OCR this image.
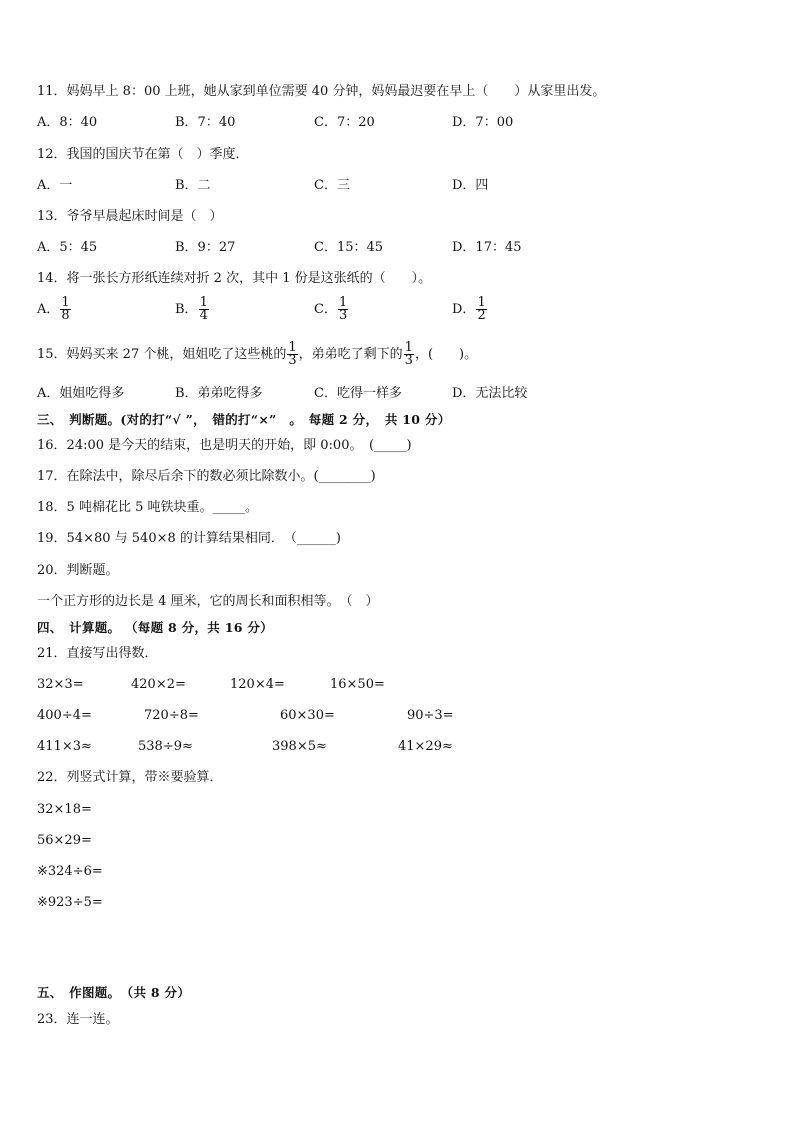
11．妈妈早上 8：00 上班，她从家到单位需要 40 分钟，妈妈最迟要在早上（　　）从家里出发。
A．8：40	B．7：40	C．7：20	D．7：00
12．我国的国庆节在第（　）季度．
A．一	B．二	C．三	D．四
13．爷爷早晨起床时间是（　）
A．5：45	B．9：27	C．15：45	D．17：45
14．将一张长方形纸连续对折 2 次，其中 1 份是这张纸的（　　）。
A． $\frac{1}{8}$	B． $\frac{1}{4}$	C． $\frac{1}{3}$	D． $\frac{1}{2}$
15．妈妈买来 27 个桃，姐姐吃了这些桃的 $\frac{1}{3}$ ，弟弟吃了剩下的 $\frac{1}{3}$ ，(　　)。
A．姐姐吃得多	B．弟弟吃得多	C．吃得一样多	D．无法比较
三、　判断题。(对的打“√ ”，　错的打“×”　。　每题 2 分，　共 10 分）
16．24:00 是今天的结束，也是明天的开始，即 0:00。　(_____)
17．在除法中，除尽后余下的数必须比除数小。(________)
18．5 吨棉花比 5 吨铁块重。_____。
19．54×80 与 540×8 的计算结果相同．　（______)
20．判断题。
一个正方形的边长是 4 厘米，它的周长和面积相等。　（　）
四、　计算题。 （每题 8 分，共 16 分）
21．直接写出得数．
32×3=	420×2=	120×4=	16×50=
400÷4=	720÷8=	60×30=	90÷3=
411×3≈	538÷9≈	398×5≈	41×29≈
22．列竖式计算，带※要验算．
32×18=
56×29=
※324÷6=
※923÷5=
五、　作图题。　（共 8 分）
23．连一连。
